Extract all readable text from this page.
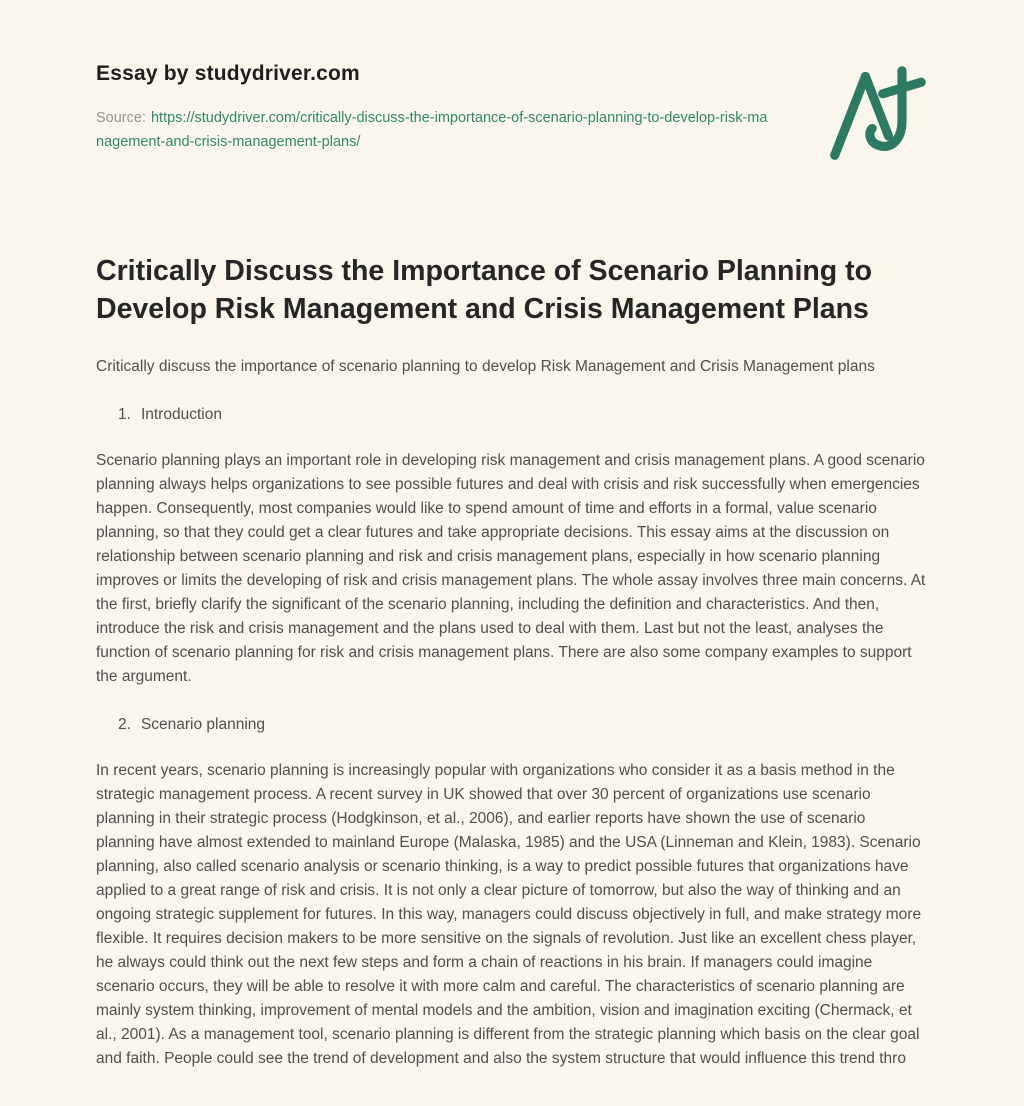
Essay by studydriver.com
Source: https://studydriver.com/critically-discuss-the-importance-of-scenario-planning-to-develop-risk-management-and-crisis-management-plans/
Critically Discuss the Importance of Scenario Planning to Develop Risk Management and Crisis Management Plans

Critically discuss the importance of scenario planning to develop Risk Management and Crisis Management plans

1. Introduction

Scenario planning plays an important role in developing risk management and crisis management plans. A good scenario planning always helps organizations to see possible futures and deal with crisis and risk successfully when emergencies happen. Consequently, most companies would like to spend amount of time and efforts in a formal, value scenario planning, so that they could get a clear futures and take appropriate decisions. This essay aims at the discussion on relationship between scenario planning and risk and crisis management plans, especially in how scenario planning improves or limits the developing of risk and crisis management plans. The whole assay involves three main concerns. At the first, briefly clarify the significant of the scenario planning, including the definition and characteristics. And then, introduce the risk and crisis management and the plans used to deal with them. Last but not the least, analyses the function of scenario planning for risk and crisis management plans. There are also some company examples to support the argument.

2. Scenario planning

In recent years, scenario planning is increasingly popular with organizations who consider it as a basis method in the strategic management process. A recent survey in UK showed that over 30 percent of organizations use scenario planning in their strategic process (Hodgkinson, et al., 2006), and earlier reports have shown the use of scenario planning have almost extended to mainland Europe (Malaska, 1985) and the USA (Linneman and Klein, 1983). Scenario planning, also called scenario analysis or scenario thinking, is a way to predict possible futures that organizations have applied to a great range of risk and crisis. It is not only a clear picture of tomorrow, but also the way of thinking and an ongoing strategic supplement for futures. In this way, managers could discuss objectively in full, and make strategy more flexible. It requires decision makers to be more sensitive on the signals of revolution. Just like an excellent chess player, he always could think out the next few steps and form a chain of reactions in his brain. If managers could imagine scenario occurs, they will be able to resolve it with more calm and careful. The characteristics of scenario planning are mainly system thinking, improvement of mental models and the ambition, vision and imagination exciting (Chermack, et al., 2001). As a management tool, scenario planning is different from the strategic planning which basis on the clear goal and faith. People could see the trend of development and also the system structure that would influence this trend thro
